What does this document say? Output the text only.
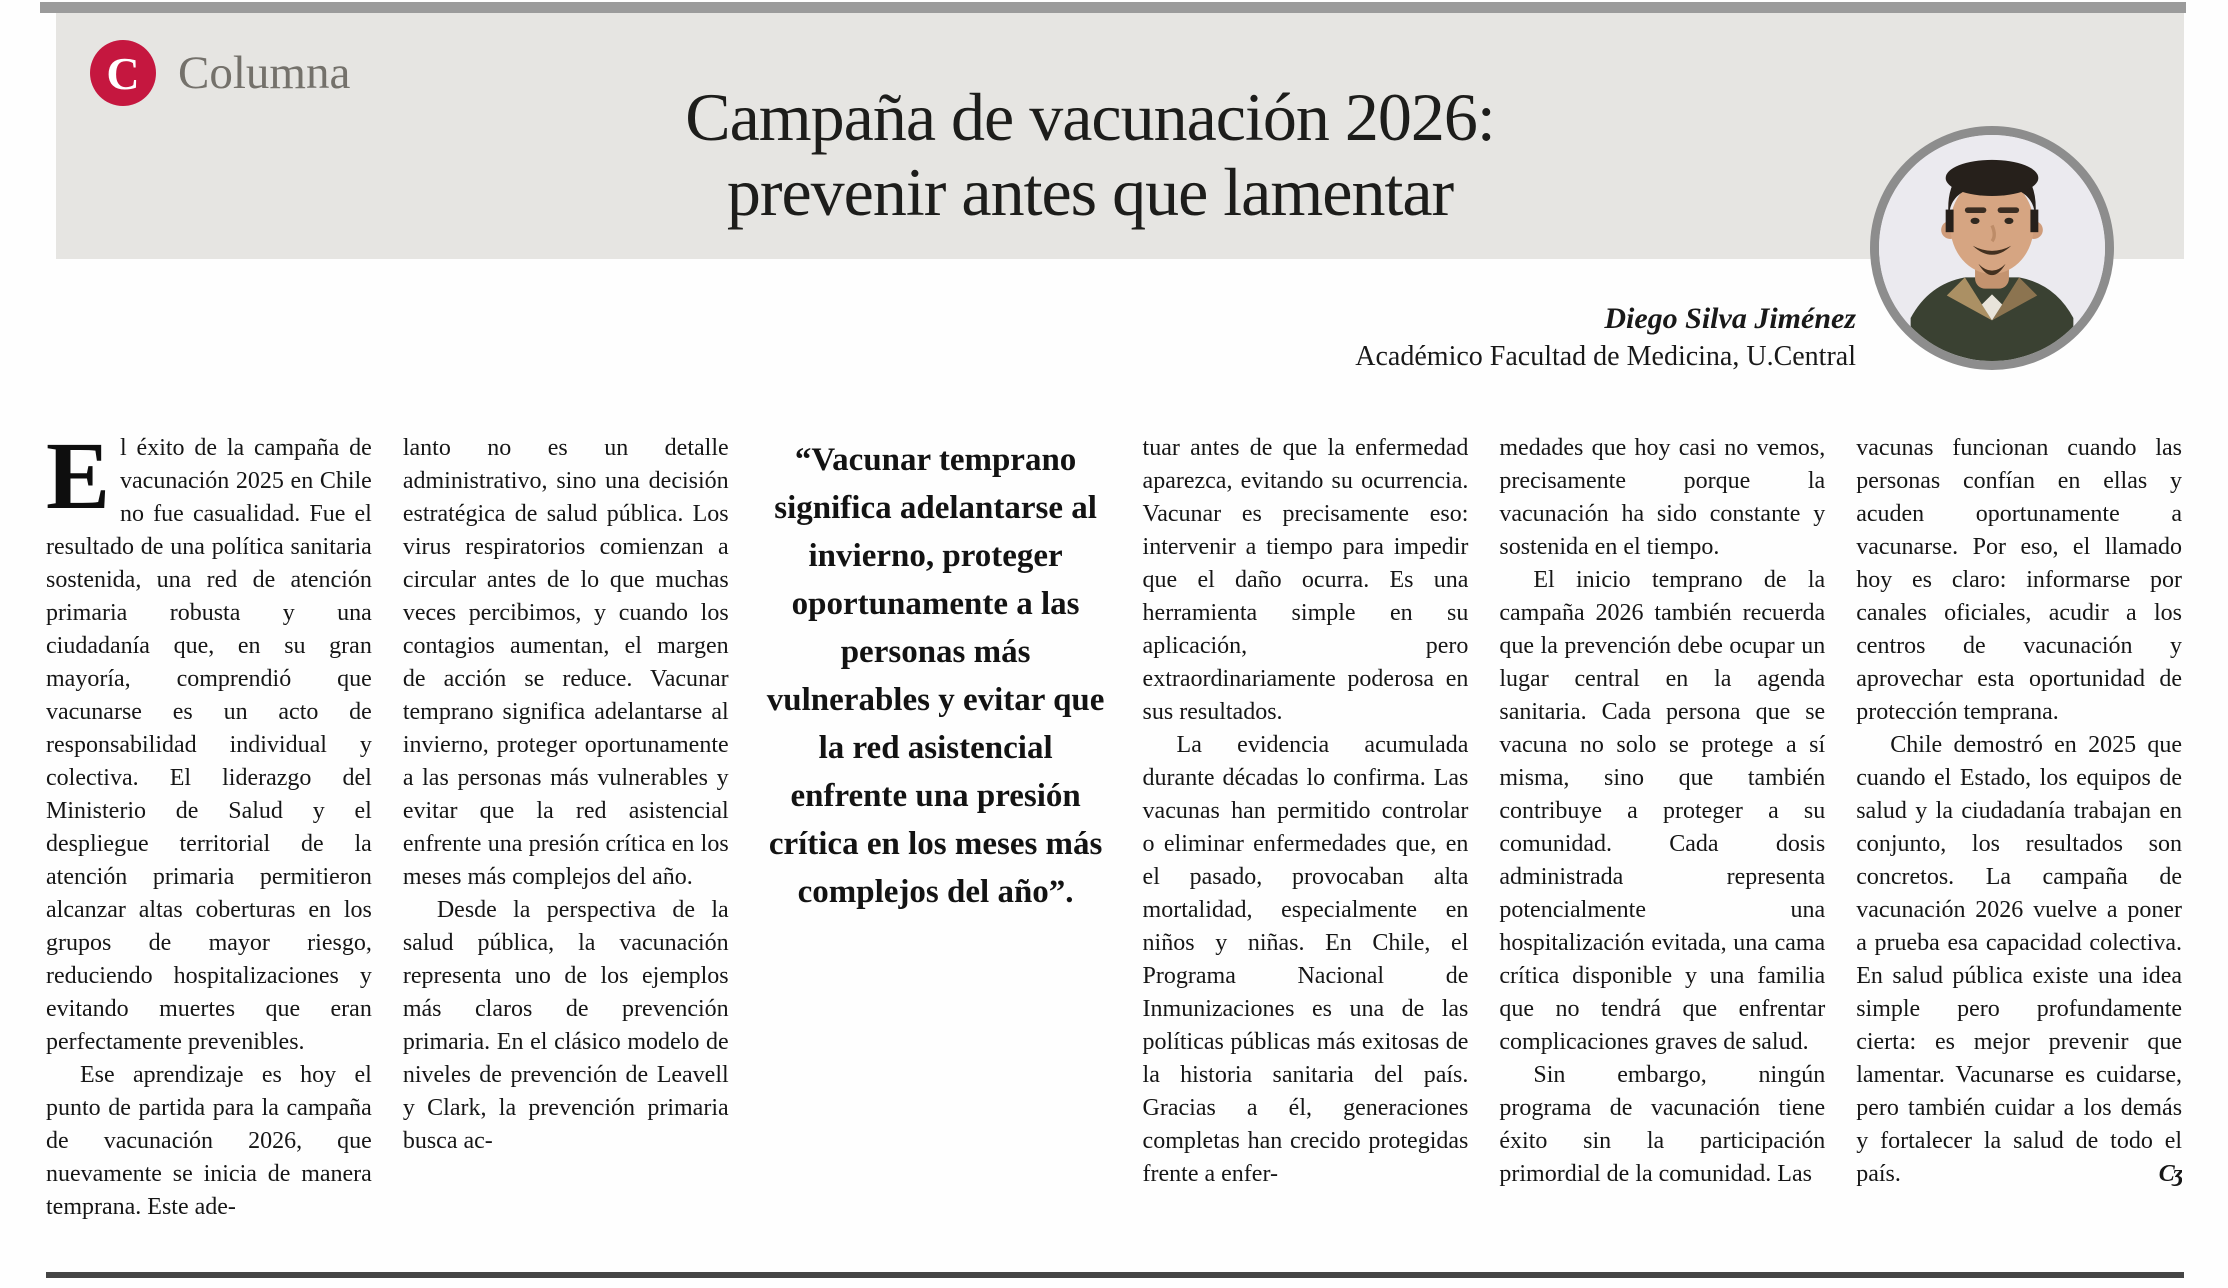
C Columna
Campaña de vacunación 2026:
prevenir antes que lamentar
Diego Silva Jiménez
Académico Facultad de Medicina, U.Central

El éxito de la campaña de vacunación 2025 en Chile no fue casualidad. Fue el resultado de una política sanitaria sostenida, una red de atención primaria robusta y una ciudadanía que, en su gran mayoría, comprendió que vacunarse es un acto de responsabilidad individual y colectiva. El liderazgo del Ministerio de Salud y el despliegue territorial de la atención primaria permitieron alcanzar altas coberturas en los grupos de mayor riesgo, reduciendo hospitalizaciones y evitando muertes que eran perfectamente prevenibles.

Ese aprendizaje es hoy el punto de partida para la campaña de vacunación 2026, que nuevamente se inicia de manera temprana. Este ade-

lanto no es un detalle administrativo, sino una decisión estratégica de salud pública. Los virus respiratorios comienzan a circular antes de lo que muchas veces percibimos, y cuando los contagios aumentan, el margen de acción se reduce. Vacunar temprano significa adelantarse al invierno, proteger oportunamente a las personas más vulnerables y evitar que la red asistencial enfrente una presión crítica en los meses más complejos del año.

Desde la perspectiva de la salud pública, la vacunación representa uno de los ejemplos más claros de prevención primaria. En el clásico modelo de niveles de prevención de Leavell y Clark, la prevención primaria busca ac-

“Vacunar temprano significa adelantarse al invierno, proteger oportunamente a las personas más vulnerables y evitar que la red asistencial enfrente una presión crítica en los meses más complejos del año”.

tuar antes de que la enfermedad aparezca, evitando su ocurrencia. Vacunar es precisamente eso: intervenir a tiempo para impedir que el daño ocurra. Es una herramienta simple en su aplicación, pero extraordinariamente poderosa en sus resultados.

La evidencia acumulada durante décadas lo confirma. Las vacunas han permitido controlar o eliminar enfermedades que, en el pasado, provocaban alta mortalidad, especialmente en niños y niñas. En Chile, el Programa Nacional de Inmunizaciones es una de las políticas públicas más exitosas de la historia sanitaria del país. Gracias a él, generaciones completas han crecido protegidas frente a enfer-

medades que hoy casi no vemos, precisamente porque la vacunación ha sido constante y sostenida en el tiempo.

El inicio temprano de la campaña 2026 también recuerda que la prevención debe ocupar un lugar central en la agenda sanitaria. Cada persona que se vacuna no solo se protege a sí misma, sino que también contribuye a proteger a su comunidad. Cada dosis administrada representa potencialmente una hospitalización evitada, una cama crítica disponible y una familia que no tendrá que enfrentar complicaciones graves de salud.

Sin embargo, ningún programa de vacunación tiene éxito sin la participación primordial de la comunidad. Las

vacunas funcionan cuando las personas confían en ellas y acuden oportunamente a vacunarse. Por eso, el llamado hoy es claro: informarse por canales oficiales, acudir a los centros de vacunación y aprovechar esta oportunidad de protección temprana.

Chile demostró en 2025 que cuando el Estado, los equipos de salud y la ciudadanía trabajan en conjunto, los resultados son concretos. La campaña de vacunación 2026 vuelve a poner a prueba esa capacidad colectiva. En salud pública existe una idea simple pero profundamente cierta: es mejor prevenir que lamentar. Vacunarse es cuidarse, pero también cuidar a los demás y fortalecer la salud de todo el país.	Cʒ
